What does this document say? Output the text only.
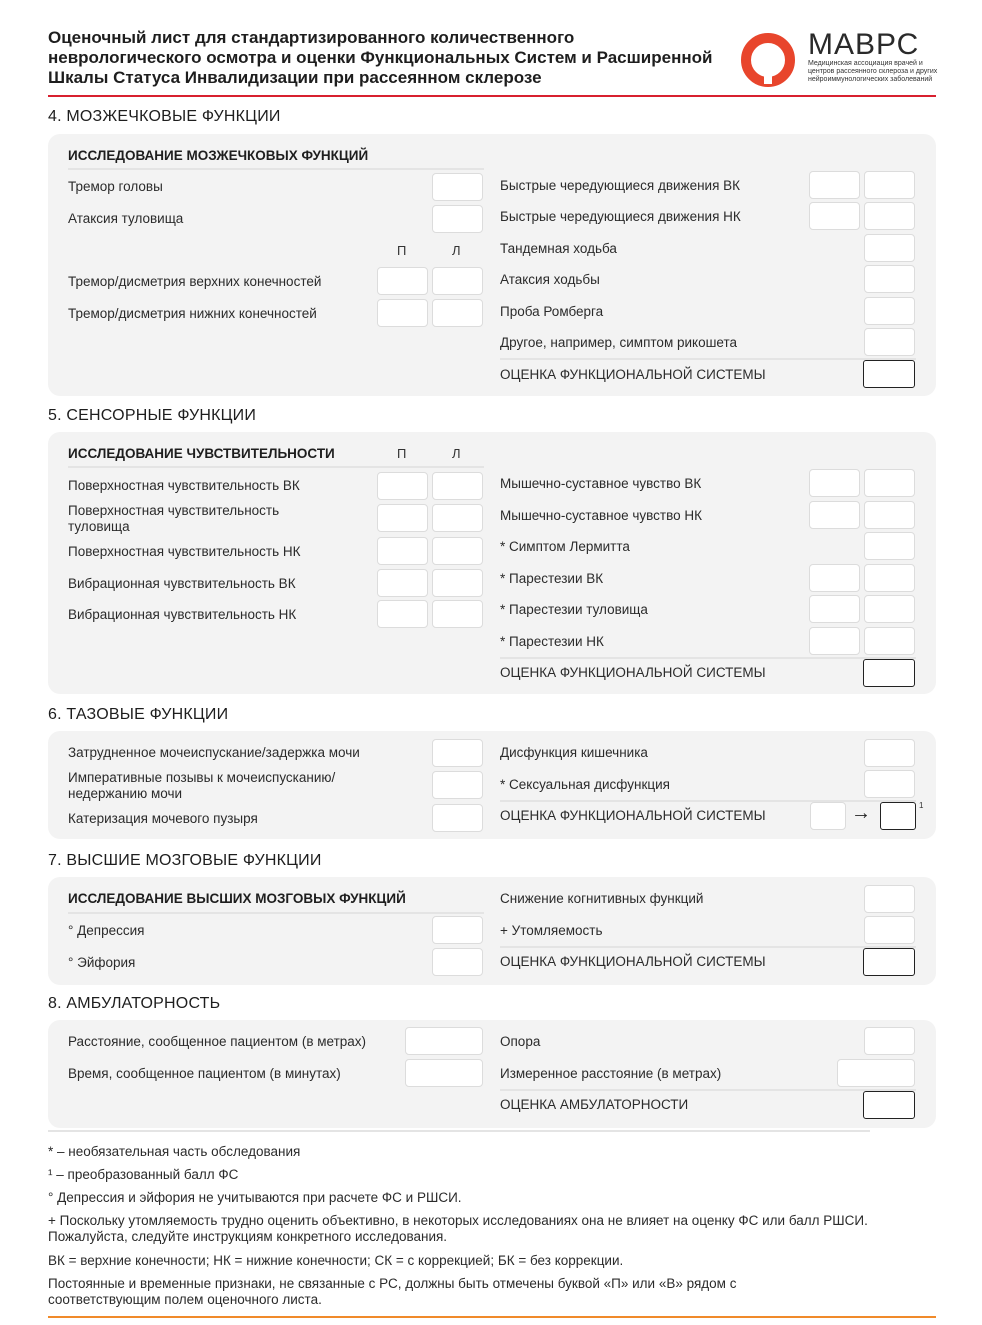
Оценочный лист для стандартизированного количественного неврологического осмотра и оценки Функциональных Систем и Расширенной Шкалы Статуса Инвалидизации при рассеянном склерозе
МАВРС
Медицинская ассоциация врачей и центров рассеянного склероза и других нейроиммунологических заболеваний
4. МОЗЖЕЧКОВЫЕ ФУНКЦИИ
ИССЛЕДОВАНИЕ МОЗЖЕЧКОВЫХ ФУНКЦИЙ
Тремор головы
Атаксия туловища
П	Л
Тремор/дисметрия верхних конечностей
Тремор/дисметрия нижних конечностей
Быстрые чередующиеся движения ВК
Быстрые чередующиеся движения НК
Тандемная ходьба
Атаксия ходьбы
Проба Ромберга
Другое, например, симптом рикошета
ОЦЕНКА ФУНКЦИОНАЛЬНОЙ СИСТЕМЫ
5. СЕНСОРНЫЕ ФУНКЦИИ
ИССЛЕДОВАНИЕ ЧУВСТВИТЕЛЬНОСТИ	П	Л
Поверхностная чувствительность ВК
Поверхностная чувствительность туловища
Поверхностная чувствительность НК
Вибрационная чувствительность ВК
Вибрационная чувствительность НК
Мышечно-суставное чувство ВК
Мышечно-суставное чувство НК
* Симптом Лермитта
* Парестезии ВК
* Парестезии туловища
* Парестезии НК
ОЦЕНКА ФУНКЦИОНАЛЬНОЙ СИСТЕМЫ
6. ТАЗОВЫЕ ФУНКЦИИ
Затрудненное мочеиспускание/задержка мочи
Императивные позывы к мочеиспусканию/ недержанию мочи
Катеризация мочевого пузыря
Дисфункция кишечника
* Сексуальная дисфункция
ОЦЕНКА ФУНКЦИОНАЛЬНОЙ СИСТЕМЫ	→	1
7. ВЫСШИЕ МОЗГОВЫЕ ФУНКЦИИ
ИССЛЕДОВАНИЕ ВЫСШИХ МОЗГОВЫХ ФУНКЦИЙ
° Депрессия
° Эйфория
Снижение когнитивных функций
+ Утомляемость
ОЦЕНКА ФУНКЦИОНАЛЬНОЙ СИСТЕМЫ
8. АМБУЛАТОРНОСТЬ
Расстояние, сообщенное пациентом (в метрах)
Время, сообщенное пациентом (в минутах)
Опора
Измеренное расстояние (в метрах)
ОЦЕНКА АМБУЛАТОРНОСТИ
* – необязательная часть обследования
¹ – преобразованный балл ФС
° Депрессия и эйфория не учитываются при расчете ФС и РШСИ.
+ Поскольку утомляемость трудно оценить объективно, в некоторых исследованиях она не влияет на оценку ФС или балл РШСИ. Пожалуйста, следуйте инструкциям конкретного исследования.
ВК = верхние конечности; НК = нижние конечности; СК = с коррекцией; БК = без коррекции.
Постоянные и временные признаки, не связанные с РС, должны быть отмечены буквой «П» или «В» рядом с соответствующим полем оценочного листа.
